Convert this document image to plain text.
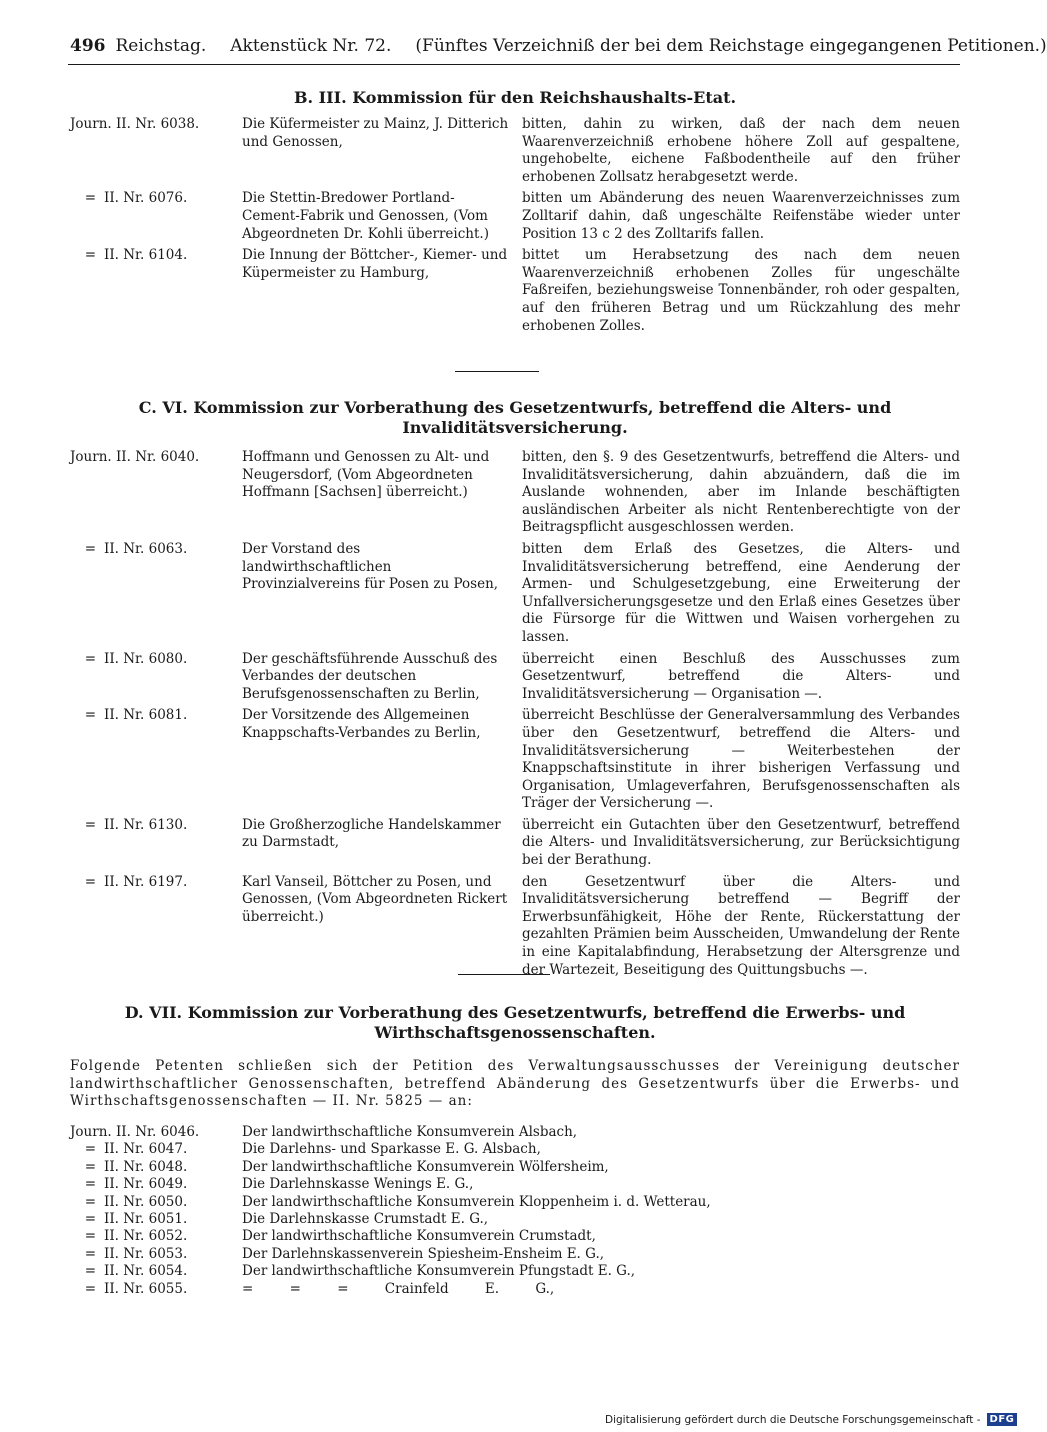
496 Reichstag. Aktenstück Nr. 72. (Fünftes Verzeichniß der bei dem Reichstage eingegangenen Petitionen.)
B. III. Kommission für den Reichshaushalts-Etat.
Journ. II. Nr. 6038.	Die Küfermeister zu Mainz, J. Ditterich und Genossen,
bitten, dahin zu wirken, daß der nach dem neuen Waarenverzeichniß erhobene höhere Zoll auf gespaltene, ungehobelte, eichene Faßbodentheile auf den früher erhobenen Zollsatz herabgesetzt werde.
= II. Nr. 6076.	Die Stettin-Bredower Portland-Cement-Fabrik und Genossen, (Vom Abgeordneten Dr. Kohli überreicht.)
bitten um Abänderung des neuen Waarenverzeichnisses zum Zolltarif dahin, daß ungeschälte Reifenstäbe wieder unter Position 13 c 2 des Zolltarifs fallen.
= II. Nr. 6104.	Die Innung der Böttcher-, Kiemer- und Küpermeister zu Hamburg,
bittet um Herabsetzung des nach dem neuen Waarenverzeichniß erhobenen Zolles für ungeschälte Faßreifen, beziehungsweise Tonnenbänder, roh oder gespalten, auf den früheren Betrag und um Rückzahlung des mehr erhobenen Zolles.
C. VI. Kommission zur Vorberathung des Gesetzentwurfs, betreffend die Alters- und Invaliditätsversicherung.
Journ. II. Nr. 6040.	Hoffmann und Genossen zu Alt- und Neugersdorf, (Vom Abgeordneten Hoffmann [Sachsen] überreicht.)
bitten, den §. 9 des Gesetzentwurfs, betreffend die Alters- und Invaliditätsversicherung, dahin abzuändern, daß die im Auslande wohnenden, aber im Inlande beschäftigten ausländischen Arbeiter als nicht Rentenberechtigte von der Beitragspflicht ausgeschlossen werden.
= II. Nr. 6063.	Der Vorstand des landwirthschaftlichen Provinzialvereins für Posen zu Posen,
bitten dem Erlaß des Gesetzes, die Alters- und Invaliditätsversicherung betreffend, eine Aenderung der Armen- und Schulgesetzgebung, eine Erweiterung der Unfallversicherungsgesetze und den Erlaß eines Gesetzes über die Fürsorge für die Wittwen und Waisen vorhergehen zu lassen.
= II. Nr. 6080.	Der geschäftsführende Ausschuß des Verbandes der deutschen Berufsgenossenschaften zu Berlin,
überreicht einen Beschluß des Ausschusses zum Gesetzentwurf, betreffend die Alters- und Invaliditätsversicherung — Organisation —.
= II. Nr. 6081.	Der Vorsitzende des Allgemeinen Knappschafts-Verbandes zu Berlin,
überreicht Beschlüsse der Generalversammlung des Verbandes über den Gesetzentwurf, betreffend die Alters- und Invaliditätsversicherung — Weiterbestehen der Knappschaftsinstitute in ihrer bisherigen Verfassung und Organisation, Umlageverfahren, Berufsgenossenschaften als Träger der Versicherung —.
= II. Nr. 6130.	Die Großherzogliche Handelskammer zu Darmstadt,
überreicht ein Gutachten über den Gesetzentwurf, betreffend die Alters- und Invaliditätsversicherung, zur Berücksichtigung bei der Berathung.
= II. Nr. 6197.	Karl Vanseil, Böttcher zu Posen, und Genossen, (Vom Abgeordneten Rickert überreicht.)
den Gesetzentwurf über die Alters- und Invaliditätsversicherung betreffend — Begriff der Erwerbsunfähigkeit, Höhe der Rente, Rückerstattung der gezahlten Prämien beim Ausscheiden, Umwandelung der Rente in eine Kapitalabfindung, Herabsetzung der Altersgrenze und der Wartezeit, Beseitigung des Quittungsbuchs —.
D. VII. Kommission zur Vorberathung des Gesetzentwurfs, betreffend die Erwerbs- und Wirthschaftsgenossenschaften.
Folgende Petenten schließen sich der Petition des Verwaltungsausschusses der Vereinigung deutscher landwirthschaftlicher Genossenschaften, betreffend Abänderung des Gesetzentwurfs über die Erwerbs- und Wirthschaftsgenossenschaften — II. Nr. 5825 — an:
Journ. II. Nr. 6046.	Der landwirthschaftliche Konsumverein Alsbach,
= II. Nr. 6047.	Die Darlehns- und Sparkasse E. G. Alsbach,
= II. Nr. 6048.	Der landwirthschaftliche Konsumverein Wölfersheim,
= II. Nr. 6049.	Die Darlehnskasse Wenings E. G.,
= II. Nr. 6050.	Der landwirthschaftliche Konsumverein Kloppenheim i. d. Wetterau,
= II. Nr. 6051.	Die Darlehnskasse Crumstadt E. G.,
= II. Nr. 6052.	Der landwirthschaftliche Konsumverein Crumstadt,
= II. Nr. 6053.	Der Darlehnskassenverein Spiesheim-Ensheim E. G.,
= II. Nr. 6054.	Der landwirthschaftliche Konsumverein Pfungstadt E. G.,
= II. Nr. 6055.	= = = Crainfeld E. G.,
Digitalisierung gefördert durch die Deutsche Forschungsgemeinschaft - DFG
